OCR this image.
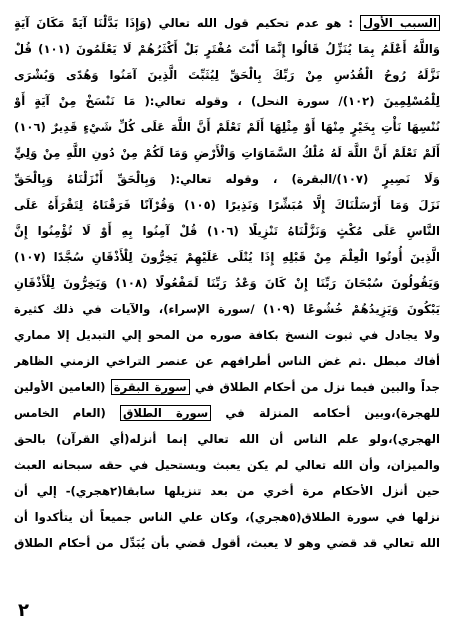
السبب الأول : هو عدم تحكيم قول الله تعالي (وَإِذَا بَدَّلْنَا آيَةً مَكَانَ آيَةٍ
وَاللَّهُ أَعْلَمُ بِمَا يُنَزِّلُ قَالُوا إِنَّمَا أَنْتَ مُفْتَرٍ بَلْ أَكْثَرُهُمْ لَا يَعْلَمُونَ (١٠١) قُلْ
نَزَّلَهُ رُوحُ الْقُدُسِ مِنْ رَبِّكَ بِالْحَقِّ لِيُثَبِّتَ الَّذِينَ آمَنُوا وَهُدًى وَبُشْرَى
لِلْمُسْلِمِينَ (١٠٢)/ سورة النحل) ، وقوله تعالي:( مَا نَنْسَخْ مِنْ آيَةٍ أَوْ
نُنْسِهَا نَأْتِ بِخَيْرٍ مِنْهَا أَوْ مِثْلِهَا أَلَمْ تَعْلَمْ أَنَّ اللَّهَ عَلَى كُلِّ شَيْءٍ قَدِيرٌ (١٠٦)
أَلَمْ تَعْلَمْ أَنَّ اللَّهَ لَهُ مُلْكُ السَّمَاوَاتِ وَالْأَرْضِ وَمَا لَكُمْ مِنْ دُونِ اللَّهِ مِنْ وَلِيٍّ
وَلَا نَصِيرٍ (١٠٧)/البقرة) ، وقوله تعالي:( وَبِالْحَقِّ أَنْزَلْنَاهُ وَبِالْحَقِّ
نَزَلَ وَمَا أَرْسَلْنَاكَ إِلَّا مُبَشِّرًا وَنَذِيرًا (١٠٥) وَقُرْآنًا فَرَقْنَاهُ لِتَقْرَأَهُ عَلَى
النَّاسِ عَلَى مُكْثٍ وَنَزَّلْنَاهُ تَنْزِيلًا (١٠٦) قُلْ آمِنُوا بِهِ أَوْ لَا تُؤْمِنُوا إِنَّ
الَّذِينَ أُوتُوا الْعِلْمَ مِنْ قَبْلِهِ إِذَا يُتْلَى عَلَيْهِمْ يَخِرُّونَ لِلْأَذْقَانِ سُجَّدًا (١٠٧)
وَيَقُولُونَ سُبْحَانَ رَبِّنَا إِنْ كَانَ وَعْدُ رَبِّنَا لَمَفْعُولًا (١٠٨) وَيَخِرُّونَ لِلْأَذْقَانِ
يَبْكُونَ وَيَزِيدُهُمْ خُشُوعًا (١٠٩) /سورة الإسراء)، والآيات في ذلك كثيرة
ولا يجادل في ثبوت النسخ بكافة صوره من المحو إلي التبديل إلا مماري
أفاك مبطل .ثم غض الناس أطرافهم عن عنصر التراخي الزمني الظاهر
جداً والبين فيما نزل من أحكام الطلاق في سورة البقرة (العامين الأولين
للهجرة)،وبين أحكامه المنزلة في سورة الطلاق (العام الخامس
الهجري)،ولو علم الناس أن الله تعالي إنما أنزله(أي القرآن) بالحق
والميزان، وأن الله تعالي لم يكن يعبث ويستحيل في حقه سبحانه العبث
حين أنزل الأحكام مرة أخري من بعد تنزيلها سابقا(٢هجري)- إلي أن
نزلها في سورة الطلاق(٥هجري)، وكان علي الناس جميعاً أن يتأكدوا أن
الله تعالي قد قضي وهو لا يعبث، أقول قضي بأن يُبَدِّل من أحكام الطلاق
٢
